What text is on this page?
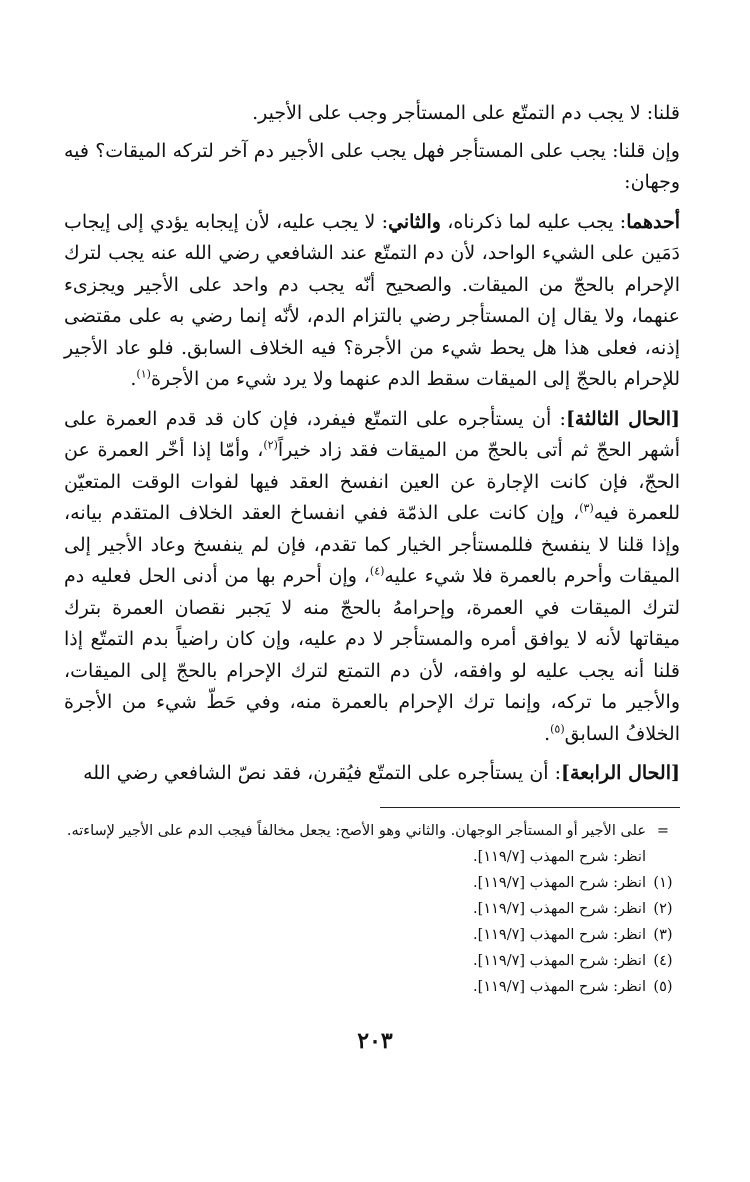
قلنا: لا يجب دم التمتّع على المستأجر وجب على الأجير.

وإن قلنا: يجب على المستأجر فهل يجب على الأجير دم آخر لتركه الميقات؟ فيه وجهان:

أحدهما: يجب عليه لما ذكرناه، والثاني: لا يجب عليه، لأن إيجابه يؤدي إلى إيجاب دَمَين على الشيء الواحد، لأن دم التمتّع عند الشافعي رضي الله عنه يجب لترك الإحرام بالحجّ من الميقات. والصحيح أنّه يجب دم واحد على الأجير ويجزىء عنهما، ولا يقال إن المستأجر رضي بالتزام الدم، لأنّه إنما رضي به على مقتضى إذنه، فعلى هذا هل يحط شيء من الأجرة؟ فيه الخلاف السابق. فلو عاد الأجير للإحرام بالحجّ إلى الميقات سقط الدم عنهما ولا يرد شيء من الأجرة$^{(١)}$.

[الحال الثالثة]: أن يستأجره على التمتّع فيفرد، فإن كان قد قدم العمرة على أشهر الحجّ ثم أتى بالحجّ من الميقات فقد زاد خيراً$^{(٢)}$، وأمّا إذا أخّر العمرة عن الحجّ، فإن كانت الإجارة عن العين انفسخ العقد فيها لفوات الوقت المتعيّن للعمرة فيه$^{(٣)}$، وإن كانت على الذمّة ففي انفساخ العقد الخلاف المتقدم بيانه، وإذا قلنا لا ينفسخ فللمستأجر الخيار كما تقدم، فإن لم ينفسخ وعاد الأجير إلى الميقات وأحرم بالعمرة فلا شيء عليه$^{(٤)}$، وإن أحرم بها من أدنى الحل فعليه دم لترك الميقات في العمرة، وإحرامهُ بالحجّ منه لا يَجبر نقصان العمرة بترك ميقاتها لأنه لا يوافق أمره والمستأجر لا دم عليه، وإن كان راضياً بدم التمتّع إذا قلنا أنه يجب عليه لو وافقه، لأن دم التمتع لترك الإحرام بالحجّ إلى الميقات، والأجير ما تركه، وإنما ترك الإحرام بالعمرة منه، وفي حَطّ شيء من الأجرة الخلافُ السابق$^{(٥)}$.

[الحال الرابعة]: أن يستأجره على التمتّع فيُقرن، فقد نصّ الشافعي رضي الله

=
على الأجير أو المستأجر الوجهان. والثاني وهو الأصح: يجعل مخالفاً فيجب الدم على الأجير لإساءته.
انظر: شرح المهذب [١١٩/٧].
(١)
انظر: شرح المهذب [١١٩/٧].
(٢)
انظر: شرح المهذب [١١٩/٧].
(٣)
انظر: شرح المهذب [١١٩/٧].
(٤)
انظر: شرح المهذب [١١٩/٧].
(٥)
انظر: شرح المهذب [١١٩/٧].
٢٠٣
